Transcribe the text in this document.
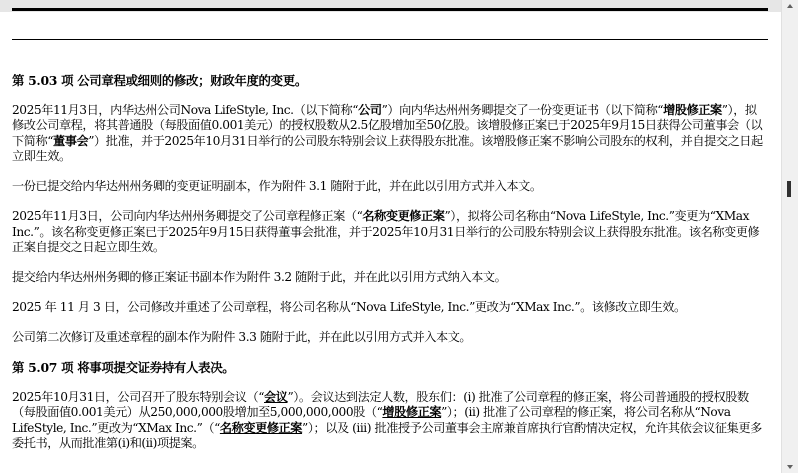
第 5.03 项 公司章程或细则的修改；财政年度的变更。

2025年11月3日，内华达州公司Nova LifeStyle, Inc.（以下简称“公司”）向内华达州州务卿提交了一份变更证书（以下简称“增股修正案”），拟修改公司章程，将其普通股（每股面值0.001美元）的授权股数从2.5亿股增加至50亿股。该增股修正案已于2025年9月15日获得公司董事会（以下简称“董事会”）批准，并于2025年10月31日举行的公司股东特别会议上获得股东批准。该增股修正案不影响公司股东的权利，并自提交之日起立即生效。

一份已提交给内华达州州务卿的变更证明副本，作为附件 3.1 随附于此，并在此以引用方式并入本文。

2025年11月3日，公司向内华达州州务卿提交了公司章程修正案（“名称变更修正案”），拟将公司名称由“Nova LifeStyle, Inc.”变更为“XMax Inc.”。该名称变更修正案已于2025年9月15日获得董事会批准，并于2025年10月31日举行的公司股东特别会议上获得股东批准。该名称变更修正案自提交之日起立即生效。

提交给内华达州州务卿的修正案证书副本作为附件 3.2 随附于此，并在此以引用方式纳入本文。

2025 年 11 月 3 日，公司修改并重述了公司章程，将公司名称从“Nova LifeStyle, Inc.”更改为“XMax Inc.”。该修改立即生效。

公司第二次修订及重述章程的副本作为附件 3.3 随附于此，并在此以引用方式并入本文。

第 5.07 项 将事项提交证券持有人表决。

2025年10月31日，公司召开了股东特别会议（“会议”）。会议达到法定人数，股东们：(i) 批准了公司章程的修正案，将公司普通股的授权股数（每股面值0.001美元）从250,000,000股增加至5,000,000,000股（“增股修正案”）；(ii) 批准了公司章程的修正案，将公司名称从“Nova LifeStyle, Inc.”更改为“XMax Inc.”（“名称变更修正案”）；以及 (iii) 批准授予公司董事会主席兼首席执行官酌情决定权，允许其依会议征集更多委托书，从而批准第(i)和(ii)项提案。
